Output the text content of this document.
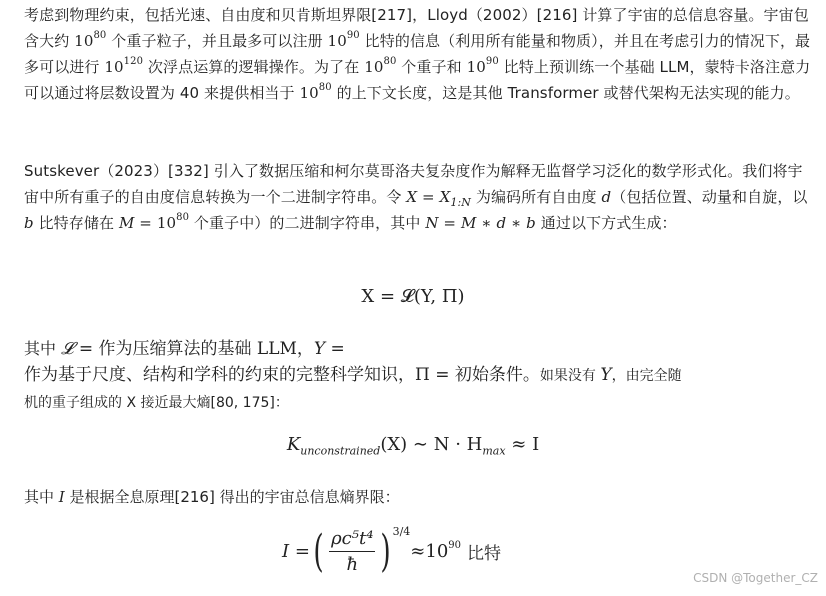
考虑到物理约束，包括光速、自由度和贝肯斯坦界限[217]，Lloyd（2002）[216] 计算了宇宙的总信息容量。宇宙包含大约 $10^{80}$ 个重子粒子，并且最多可以注册 $10^{90}$ 比特的信息（利用所有能量和物质），并且在考虑引力的情况下，最多可以进行 $10^{120}$ 次浮点运算的逻辑操作。为了在 $10^{80}$ 个重子和 $10^{90}$ 比特上预训练一个基础 LLM，蒙特卡洛注意力可以通过将层数设置为 40 来提供相当于 $10^{80}$ 的上下文长度，这是其他 Transformer 或替代架构无法实现的能力。

Sutskever（2023）[332] 引入了数据压缩和柯尔莫哥洛夫复杂度作为解释无监督学习泛化的数学形式化。我们将宇宙中所有重子的自由度信息转换为一个二进制字符串。令 $X = X_{1:N}$ 为编码所有自由度 d（包括位置、动量和自旋，以 b 比特存储在 $M = 10^{80}$ 个重子中）的二进制字符串，其中 N = M ∗ d ∗ b 通过以下方式生成：

X = 𝓛(Y, Π)

其中 𝓛 = 作为压缩算法的基础 LLM，Y =
作为基于尺度、结构和学科的约束的完整科学知识，Π = 初始条件。如果没有 Y，由完全随

机的重子组成的 X 接近最大熵[80, 175]：

$K_{unconstrained}(X)$ ∼ $N \cdot H_{max} \approx I$

其中 I 是根据全息原理[216] 得出的宇宙总信息熵界限：

I = ( $\frac{\text{ρc⁵t⁴}}{ħ}$ ) 3/4
≈ $10^{90}$ 比特
CSDN @Together_CZ
